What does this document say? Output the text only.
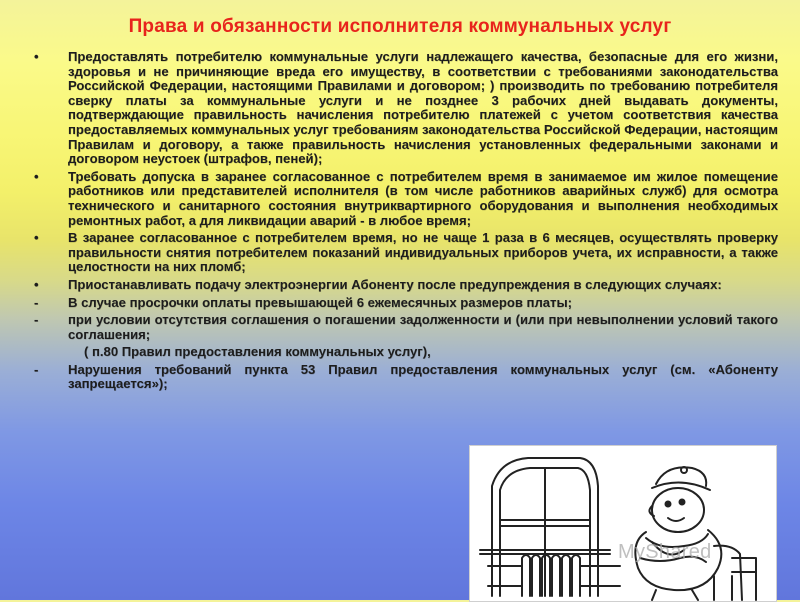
Права и обязанности исполнителя коммунальных услуг
• Предоставлять потребителю коммунальные услуги надлежащего качества, безопасные для его жизни, здоровья и не причиняющие вреда его имуществу, в соответствии с требованиями законодательства Российской Федерации, настоящими Правилами и договором; ) производить по требованию потребителя сверку платы за коммунальные услуги и не позднее 3 рабочих дней выдавать документы, подтверждающие правильность начисления потребителю платежей с учетом соответствия качества предоставляемых коммунальных услуг требованиям законодательства Российской Федерации, настоящим Правилам и договору, а также правильность начисления установленных федеральными законами и договором неустоек (штрафов, пеней);
• Требовать допуска в заранее согласованное с потребителем время в занимаемое им жилое помещение работников или представителей исполнителя (в том числе работников аварийных служб) для осмотра технического и санитарного состояния внутриквартирного оборудования и выполнения необходимых ремонтных работ, а для ликвидации аварий - в любое время;
• В заранее согласованное с потребителем время, но не чаще 1 раза в 6 месяцев, осуществлять проверку правильности снятия потребителем показаний индивидуальных приборов учета, их исправности, а также целостности на них пломб;
• Приостанавливать подачу электроэнергии Абоненту после предупреждения в следующих случаях:
- В случае просрочки оплаты превышающей 6 ежемесячных размеров платы;
- при условии отсутствия соглашения о погашении задолженности и (или при невыполнении условий такого соглашения;
( п.80 Правил предоставления коммунальных услуг),
- Нарушения требований пункта 53 Правил предоставления коммунальных услуг (см. «Абоненту запрещается»);
MyShared
